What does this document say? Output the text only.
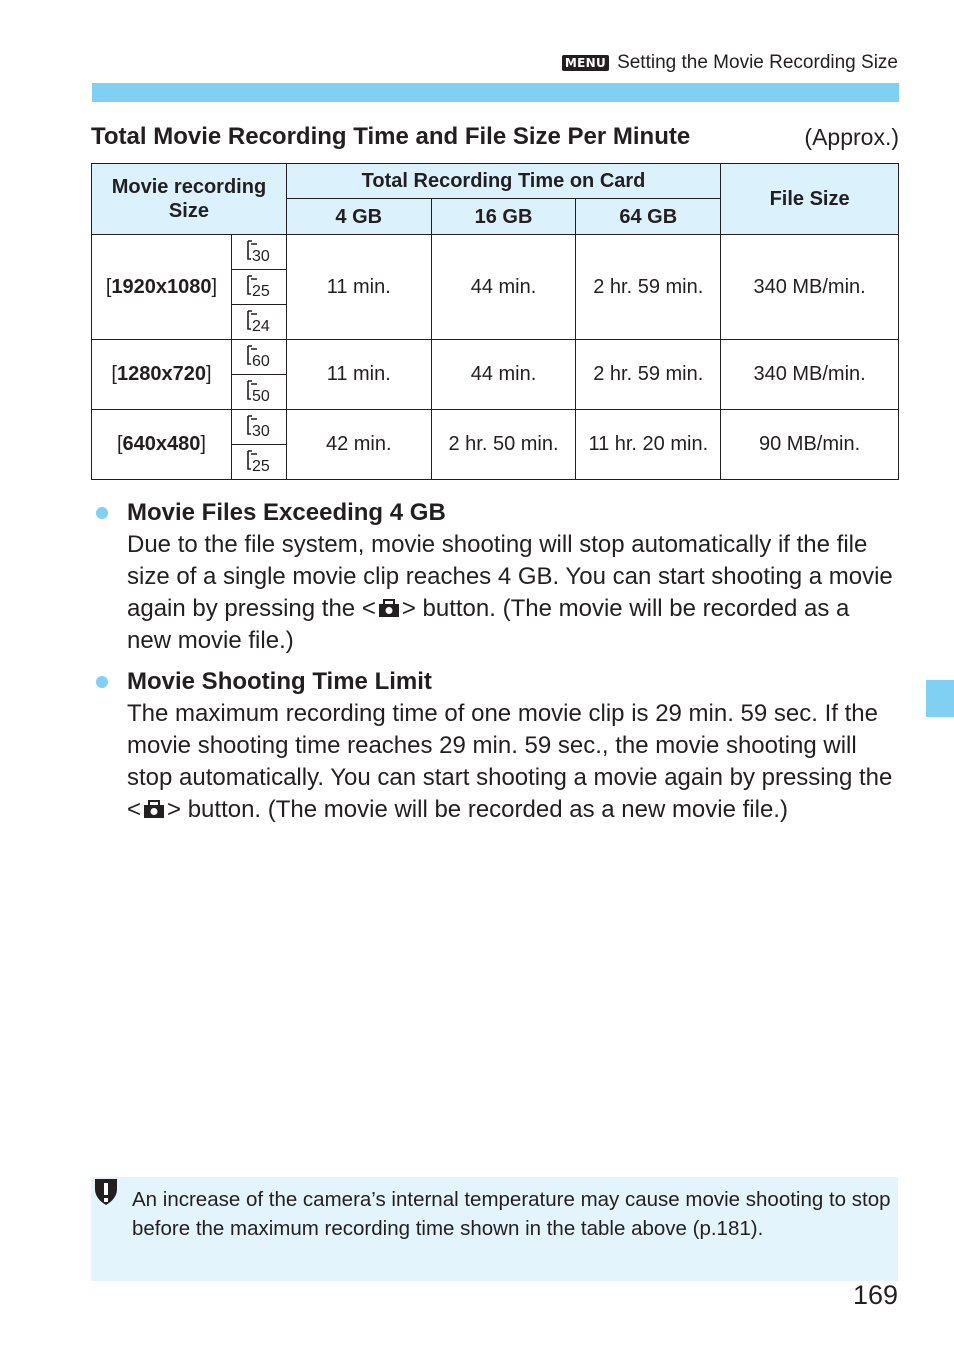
MENU Setting the Movie Recording Size
Total Movie Recording Time and File Size Per Minute	(Approx.)
Movie recording Size		Total Recording Time on Card			File Size
		4 GB	16 GB	64 GB	
[1920x1080]	30	11 min.	44 min.	2 hr. 59 min.	340 MB/min.

25				

24				

[1280x720]	60	11 min.	44 min.	2 hr. 59 min.	340 MB/min.

50				

[640x480]	30	42 min.	2 hr. 50 min.	11 hr. 20 min.	90 MB/min.

25				
Movie Files Exceeding 4 GB
Due to the file system, movie shooting will stop automatically if the file size of a single movie clip reaches 4 GB. You can start shooting a movie again by pressing the < > button. (The movie will be recorded as a new movie file.)
Movie Shooting Time Limit
The maximum recording time of one movie clip is 29 min. 59 sec. If the movie shooting time reaches 29 min. 59 sec., the movie shooting will stop automatically. You can start shooting a movie again by pressing the < > button. (The movie will be recorded as a new movie file.)
An increase of the camera’s internal temperature may cause movie shooting to stop before the maximum recording time shown in the table above (p.181).
169
